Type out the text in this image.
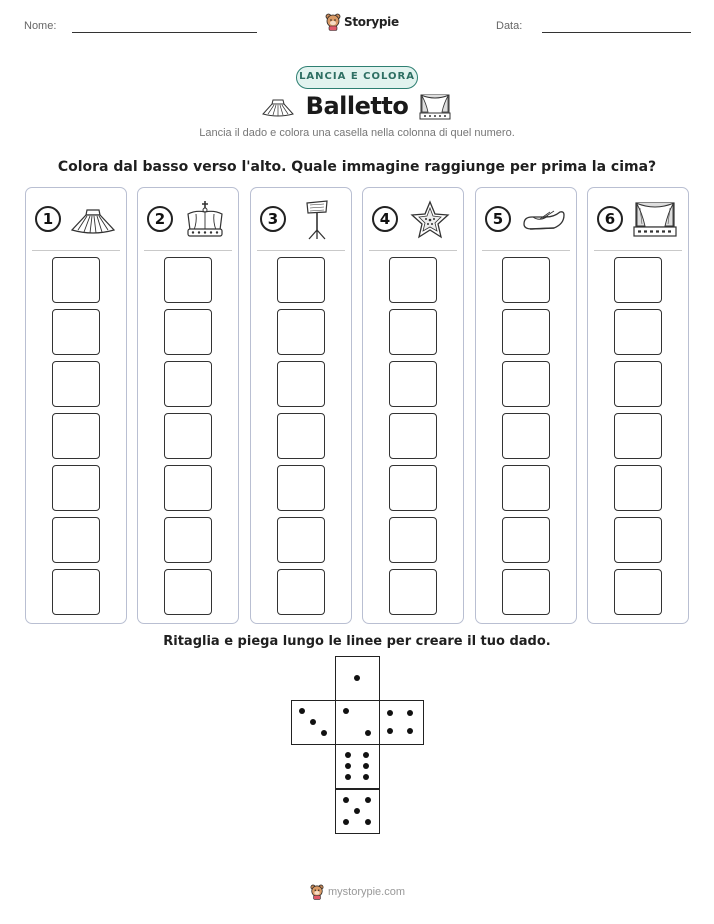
Nome:	Storypie	Data:
LANCIA E COLORA
Balletto
Lancia il dado e colora una casella nella colonna di quel numero.
Colora dal basso verso l'alto. Quale immagine raggiunge per prima la cima?
1	2	3	4	5	6
Ritaglia e piega lungo le linee per creare il tuo dado.
mystorypie.com
